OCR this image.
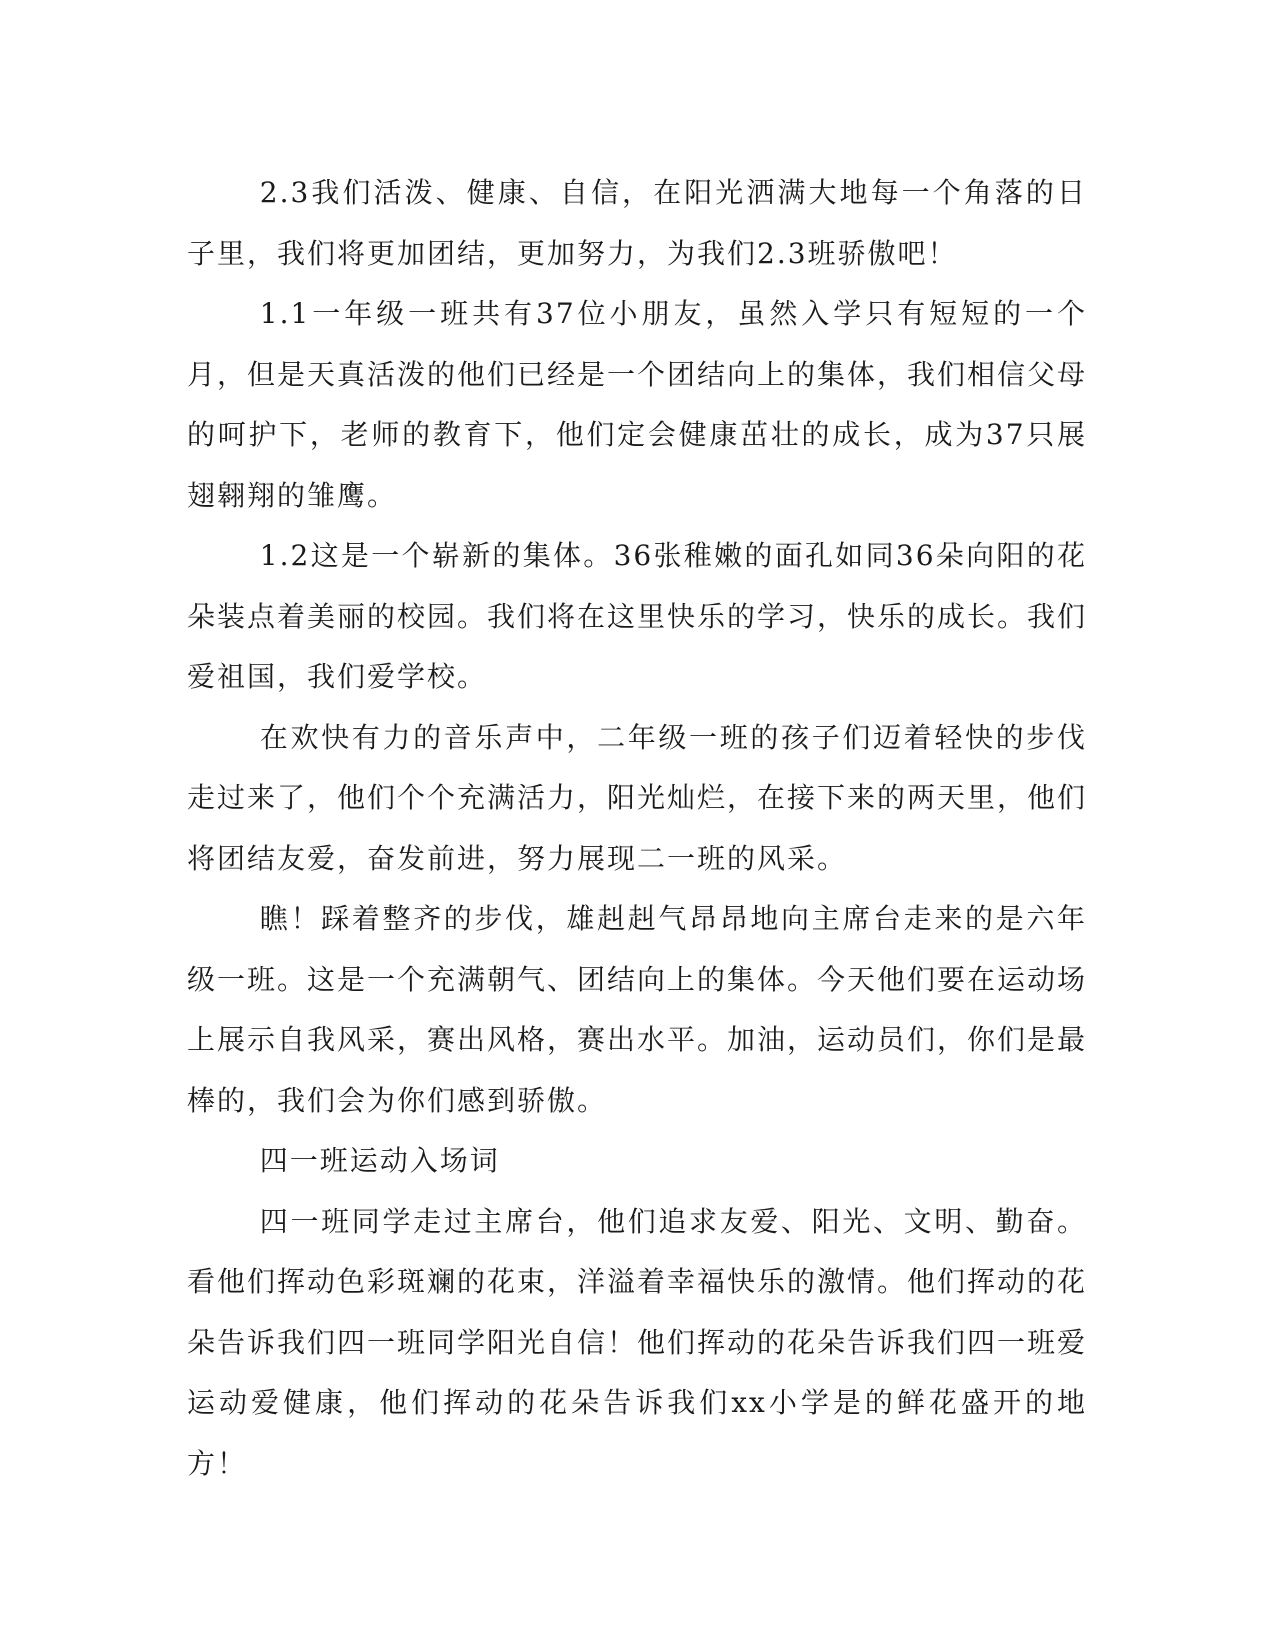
2.3我们活泼、健康、自信，在阳光洒满大地每一个角落的日子里，我们将更加团结，更加努力，为我们2.3班骄傲吧！

1.1一年级一班共有37位小朋友，虽然入学只有短短的一个月，但是天真活泼的他们已经是一个团结向上的集体，我们相信父母的呵护下，老师的教育下，他们定会健康茁壮的成长，成为37只展翅翱翔的雏鹰。

1.2这是一个崭新的集体。36张稚嫩的面孔如同36朵向阳的花朵装点着美丽的校园。我们将在这里快乐的学习，快乐的成长。我们爱祖国，我们爱学校。

在欢快有力的音乐声中，二年级一班的孩子们迈着轻快的步伐走过来了，他们个个充满活力，阳光灿烂，在接下来的两天里，他们将团结友爱，奋发前进，努力展现二一班的风采。

瞧！踩着整齐的步伐，雄赳赳气昂昂地向主席台走来的是六年级一班。这是一个充满朝气、团结向上的集体。今天他们要在运动场上展示自我风采，赛出风格，赛出水平。加油，运动员们，你们是最棒的，我们会为你们感到骄傲。

四一班运动入场词

四一班同学走过主席台，他们追求友爱、阳光、文明、勤奋。看他们挥动色彩斑斓的花束，洋溢着幸福快乐的激情。他们挥动的花朵告诉我们四一班同学阳光自信！他们挥动的花朵告诉我们四一班爱运动爱健康，他们挥动的花朵告诉我们xx小学是的鲜花盛开的地方！
